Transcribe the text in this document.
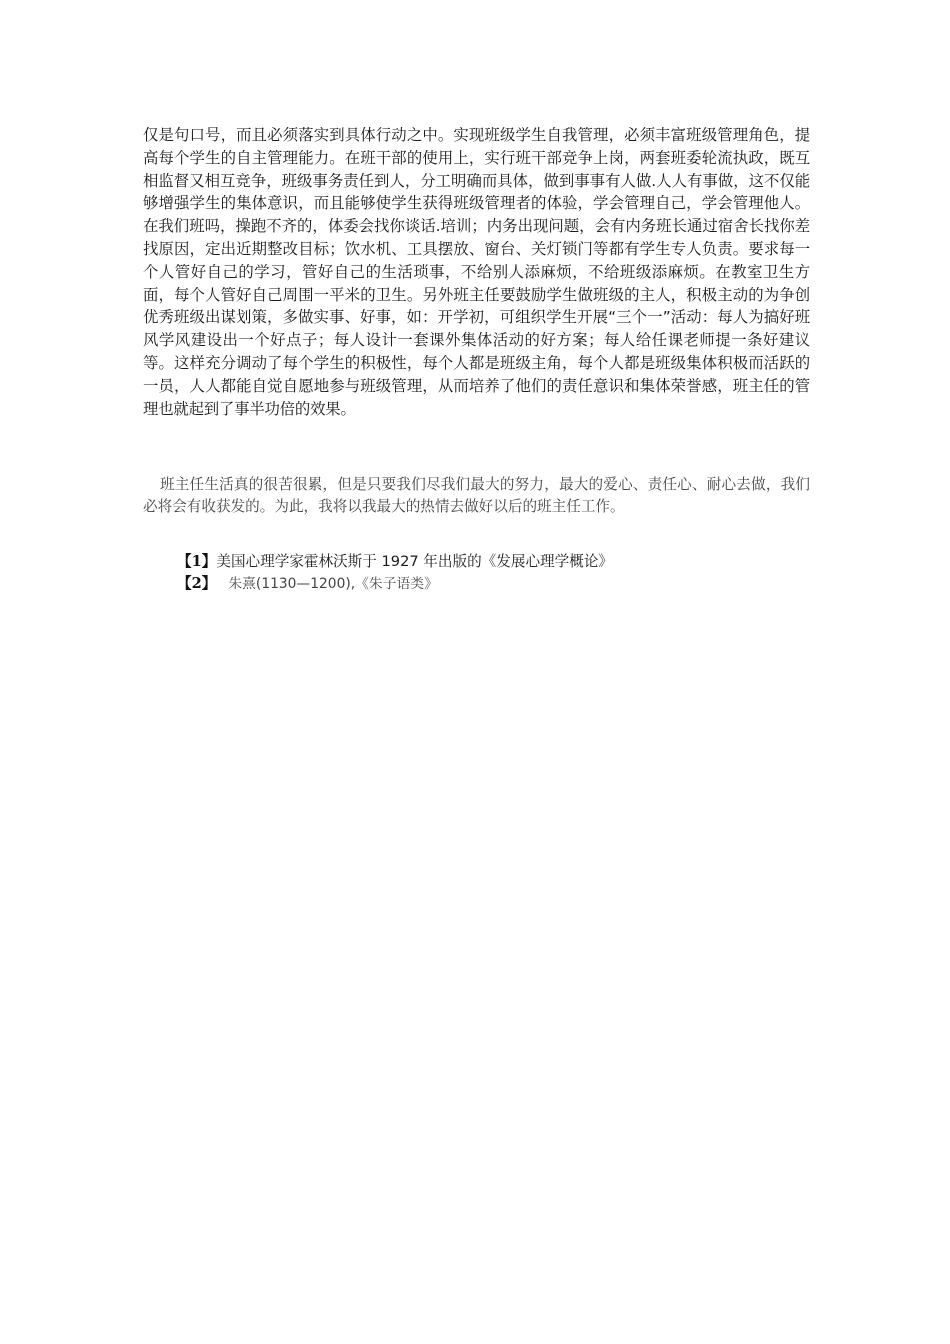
仅是句口号，而且必须落实到具体行动之中。实现班级学生自我管理，必须丰富班级管理角色，提高每个学生的自主管理能力。在班干部的使用上，实行班干部竞争上岗，两套班委轮流执政，既互相监督又相互竞争，班级事务责任到人，分工明确而具体，做到事事有人做.人人有事做，这不仅能够增强学生的集体意识，而且能够使学生获得班级管理者的体验，学会管理自己，学会管理他人。在我们班吗，操跑不齐的，体委会找你谈话.培训；内务出现问题，会有内务班长通过宿舍长找你差找原因，定出近期整改目标；饮水机、工具摆放、窗台、关灯锁门等都有学生专人负责。要求每一个人管好自己的学习，管好自己的生活琐事，不给别人添麻烦，不给班级添麻烦。在教室卫生方面，每个人管好自己周围一平米的卫生。另外班主任要鼓励学生做班级的主人，积极主动的为争创优秀班级出谋划策，多做实事、好事，如：开学初，可组织学生开展“三个一”活动：每人为搞好班风学风建设出一个好点子；每人设计一套课外集体活动的好方案；每人给任课老师提一条好建议等。这样充分调动了每个学生的积极性，每个人都是班级主角，每个人都是班级集体积极而活跃的一员，人人都能自觉自愿地参与班级管理，从而培养了他们的责任意识和集体荣誉感，班主任的管理也就起到了事半功倍的效果。

班主任生活真的很苦很累，但是只要我们尽我们最大的努力，最大的爱心、责任心、耐心去做，我们必将会有收获发的。为此，我将以我最大的热情去做好以后的班主任工作。

【1】美国心理学家霍林沃斯于 1927 年出版的《发展心理学概论》
【2】 朱熹(1130—1200),《朱子语类》
